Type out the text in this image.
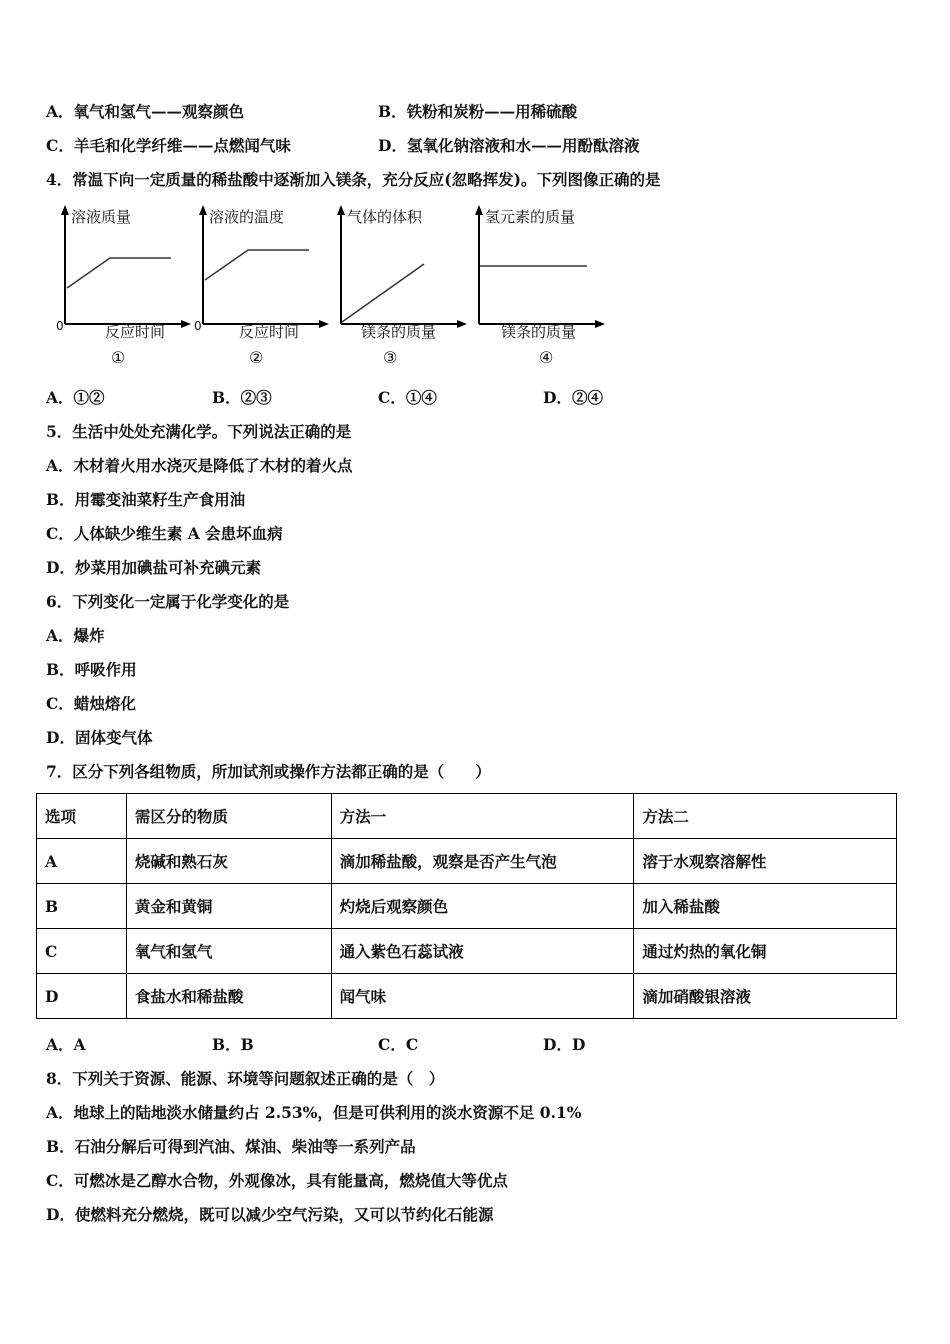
A．氧气和氢气——观察颜色	B．铁粉和炭粉——用稀硫酸
C．羊毛和化学纤维——点燃闻气味	D．氢氧化钠溶液和水——用酚酞溶液
4．常温下向一定质量的稀盐酸中逐渐加入镁条，充分反应(忽略挥发)。下列图像正确的是
溶液质量
0	反应时间
①
溶液的温度
0 反应时间
②
气体的体积
镁条的质量
③
氢元素的质量
镁条的质量
④
A．①②	B．②③	C．①④	D．②④
5．生活中处处充满化学。下列说法正确的是
A．木材着火用水浇灭是降低了木材的着火点
B．用霉变油菜籽生产食用油
C．人体缺少维生素 A 会患坏血病
D．炒菜用加碘盐可补充碘元素
6．下列变化一定属于化学变化的是
A．爆炸
B．呼吸作用
C．蜡烛熔化
D．固体变气体
7．区分下列各组物质，所加试剂或操作方法都正确的是（　　）
选项	需区分的物质	方法一	方法二
A	烧碱和熟石灰	滴加稀盐酸，观察是否产生气泡	溶于水观察溶解性
B	黄金和黄铜	灼烧后观察颜色	加入稀盐酸
C	氧气和氢气	通入紫色石蕊试液	通过灼热的氧化铜
D	食盐水和稀盐酸	闻气味	滴加硝酸银溶液
A．A	B．B	C．C	D．D
8．下列关于资源、能源、环境等问题叙述正确的是（　）
A．地球上的陆地淡水储量约占 2.53%，但是可供利用的淡水资源不足 0.1%
B．石油分解后可得到汽油、煤油、柴油等一系列产品
C．可燃冰是乙醇水合物，外观像冰，具有能量高，燃烧值大等优点
D．使燃料充分燃烧，既可以减少空气污染，又可以节约化石能源
